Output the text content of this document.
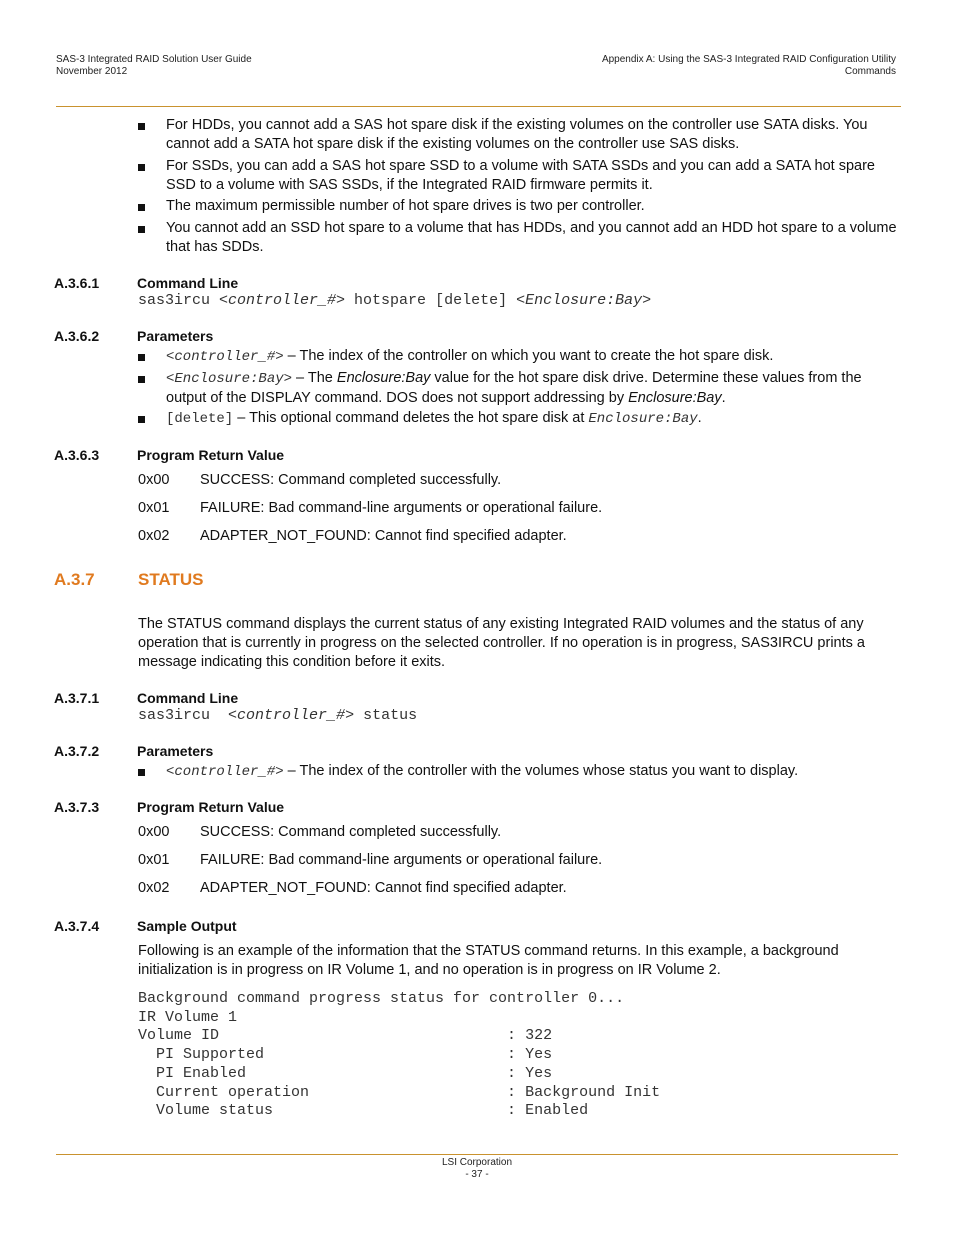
SAS-3 Integrated RAID Solution User Guide
November 2012
Appendix A: Using the SAS-3 Integrated RAID Configuration Utility
Commands
For HDDs, you cannot add a SAS hot spare disk if the existing volumes on the controller use SATA disks. You cannot add a SATA hot spare disk if the existing volumes on the controller use SAS disks.
For SSDs, you can add a SAS hot spare SSD to a volume with SATA SSDs and you can add a SATA hot spare SSD to a volume with SAS SSDs, if the Integrated RAID firmware permits it.
The maximum permissible number of hot spare drives is two per controller.
You cannot add an SSD hot spare to a volume that has HDDs, and you cannot add an HDD hot spare to a volume that has SDDs.
A.3.6.1	Command Line
sas3ircu <controller_#> hotspare [delete] <Enclosure:Bay>
A.3.6.2	Parameters
<controller_#> – The index of the controller on which you want to create the hot spare disk.
<Enclosure:Bay> – The Enclosure:Bay value for the hot spare disk drive. Determine these values from the output of the DISPLAY command. DOS does not support addressing by Enclosure:Bay.
[delete] – This optional command deletes the hot spare disk at Enclosure:Bay.
A.3.6.3	Program Return Value
0x00 SUCCESS: Command completed successfully.
0x01 FAILURE: Bad command-line arguments or operational failure.
0x02 ADAPTER_NOT_FOUND: Cannot find specified adapter.
A.3.7	STATUS
The STATUS command displays the current status of any existing Integrated RAID volumes and the status of any operation that is currently in progress on the selected controller. If no operation is in progress, SAS3IRCU prints a message indicating this condition before it exits.
A.3.7.1	Command Line
sas3ircu  <controller_#> status
A.3.7.2	Parameters
<controller_#> – The index of the controller with the volumes whose status you want to display.
A.3.7.3	Program Return Value
0x00 SUCCESS: Command completed successfully.
0x01 FAILURE: Bad command-line arguments or operational failure.
0x02 ADAPTER_NOT_FOUND: Cannot find specified adapter.
A.3.7.4	Sample Output
Following is an example of the information that the STATUS command returns. In this example, a background initialization is in progress on IR Volume 1, and no operation is in progress on IR Volume 2.
Background command progress status for controller 0...
IR Volume 1
Volume ID                                : 322
PI Supported                           : Yes
PI Enabled                             : Yes
Current operation                      : Background Init
Volume status                          : Enabled
LSI Corporation
- 37 -
